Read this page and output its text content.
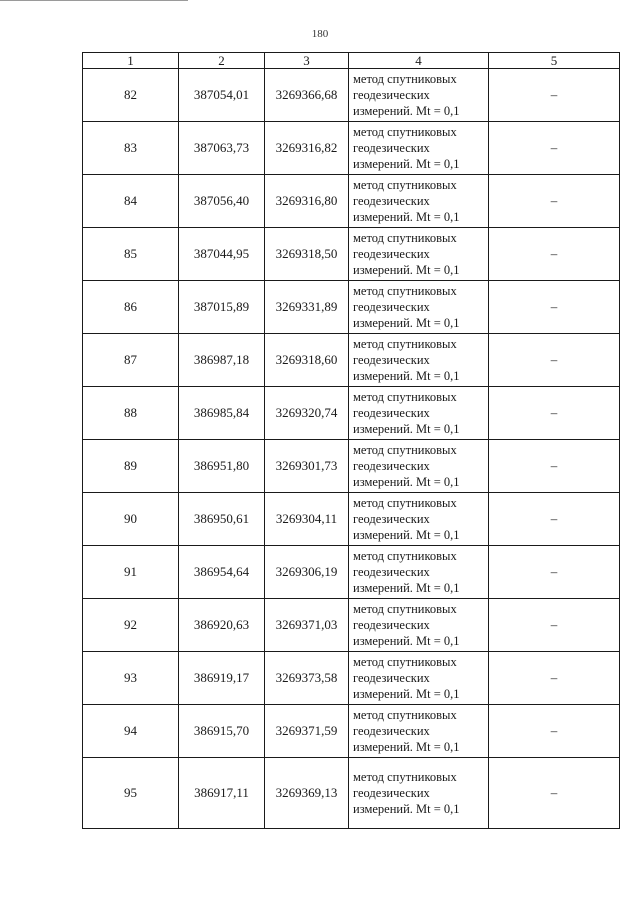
180
1	2	3	4	5
82	387054,01	3269366,68	метод спутниковых
геодезических
измерений. Mt = 0,1	–
83	387063,73	3269316,82	метод спутниковых
геодезических
измерений. Mt = 0,1	–
84	387056,40	3269316,80	метод спутниковых
геодезических
измерений. Mt = 0,1	–
85	387044,95	3269318,50	метод спутниковых
геодезических
измерений. Mt = 0,1	–
86	387015,89	3269331,89	метод спутниковых
геодезических
измерений. Mt = 0,1	–
87	386987,18	3269318,60	метод спутниковых
геодезических
измерений. Mt = 0,1	–
88	386985,84	3269320,74	метод спутниковых
геодезических
измерений. Mt = 0,1	–
89	386951,80	3269301,73	метод спутниковых
геодезических
измерений. Mt = 0,1	–
90	386950,61	3269304,11	метод спутниковых
геодезических
измерений. Mt = 0,1	–
91	386954,64	3269306,19	метод спутниковых
геодезических
измерений. Mt = 0,1	–
92	386920,63	3269371,03	метод спутниковых
геодезических
измерений. Mt = 0,1	–
93	386919,17	3269373,58	метод спутниковых
геодезических
измерений. Mt = 0,1	–
94	386915,70	3269371,59	метод спутниковых
геодезических
измерений. Mt = 0,1	–
95	386917,11	3269369,13	метод спутниковых
геодезических
измерений. Mt = 0,1	–
